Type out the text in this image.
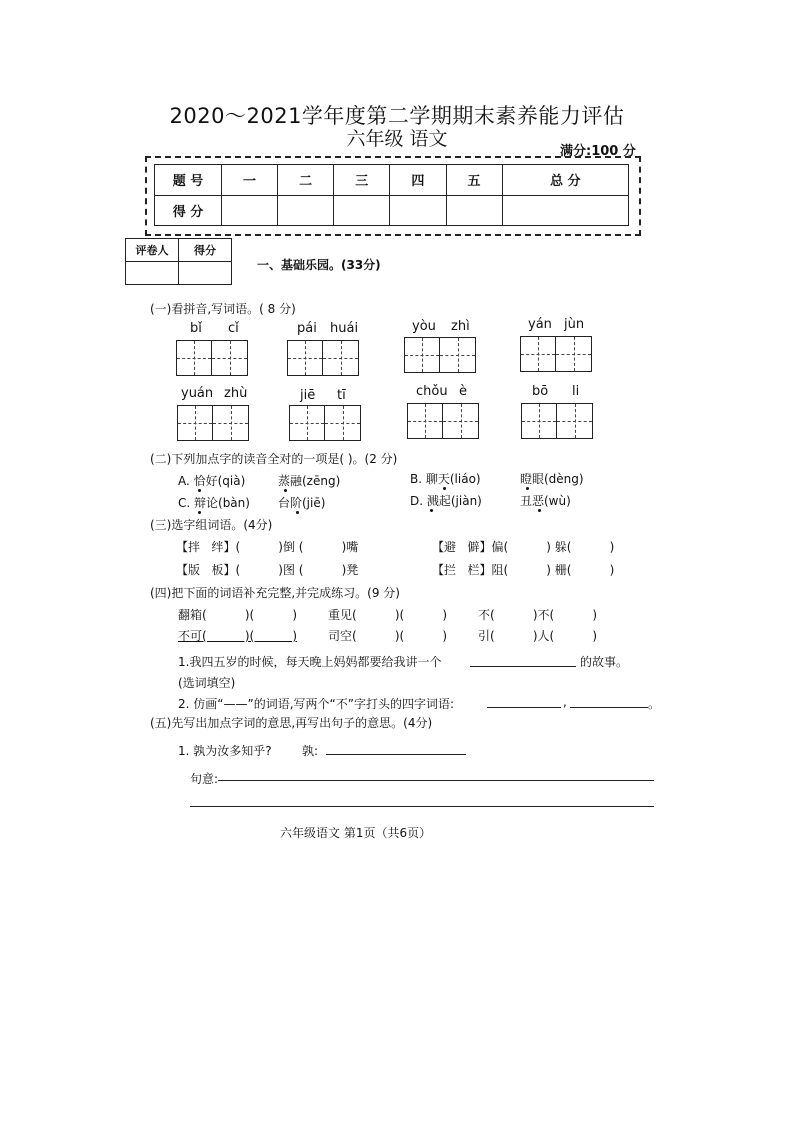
2020～2021学年度第二学期期末素养能力评估
六年级 语文
满分:100 分
题 号	一	二	三	四	五	总 分
得 分						
评卷人	得分

一、基础乐园。(33分)
(一)看拼音,写词语。( 8 分)
bǐ cǐ	pái huái	yòu zhì	yán jùn
yuán zhù	jiē tī	chǒu è	bō li
(二)下列加点字的读音全对的一项是( )。(2 分)
A. 恰好(qià)	蒸融(zēng)	B. 聊天(liáo)	瞪眼(dèng)
C. 辩论(bàn) 台阶(jiē)	D. 溅起(jiàn)	丑恶(wù)
(三)选字组词语。(4分)
【拌   绊】(          )倒 (          )嘴	【避   僻】偏(          ) 躲(          )
【版   板】(          )图 (          )凳	【拦   栏】阻(          ) 栅(          )
(四)把下面的词语补充完整,并完成练习。(9 分)
翻箱(          )(          )	重见(          )(          )	不(          )不(          )
不可(          )(          )	司空(          )(          )	引(          )人(          )
1.我四五岁的时候，每天晚上妈妈都要给我讲一个	的故事。
(选词填空)
2. 仿画“——”的词语,写两个“不”字打头的四字词语:	,	。
(五)先写出加点字词的意思,再写出句子的意思。(4分)
1. 孰为汝多知乎?	孰:
句意:
六年级语文 第1页（共6页）
